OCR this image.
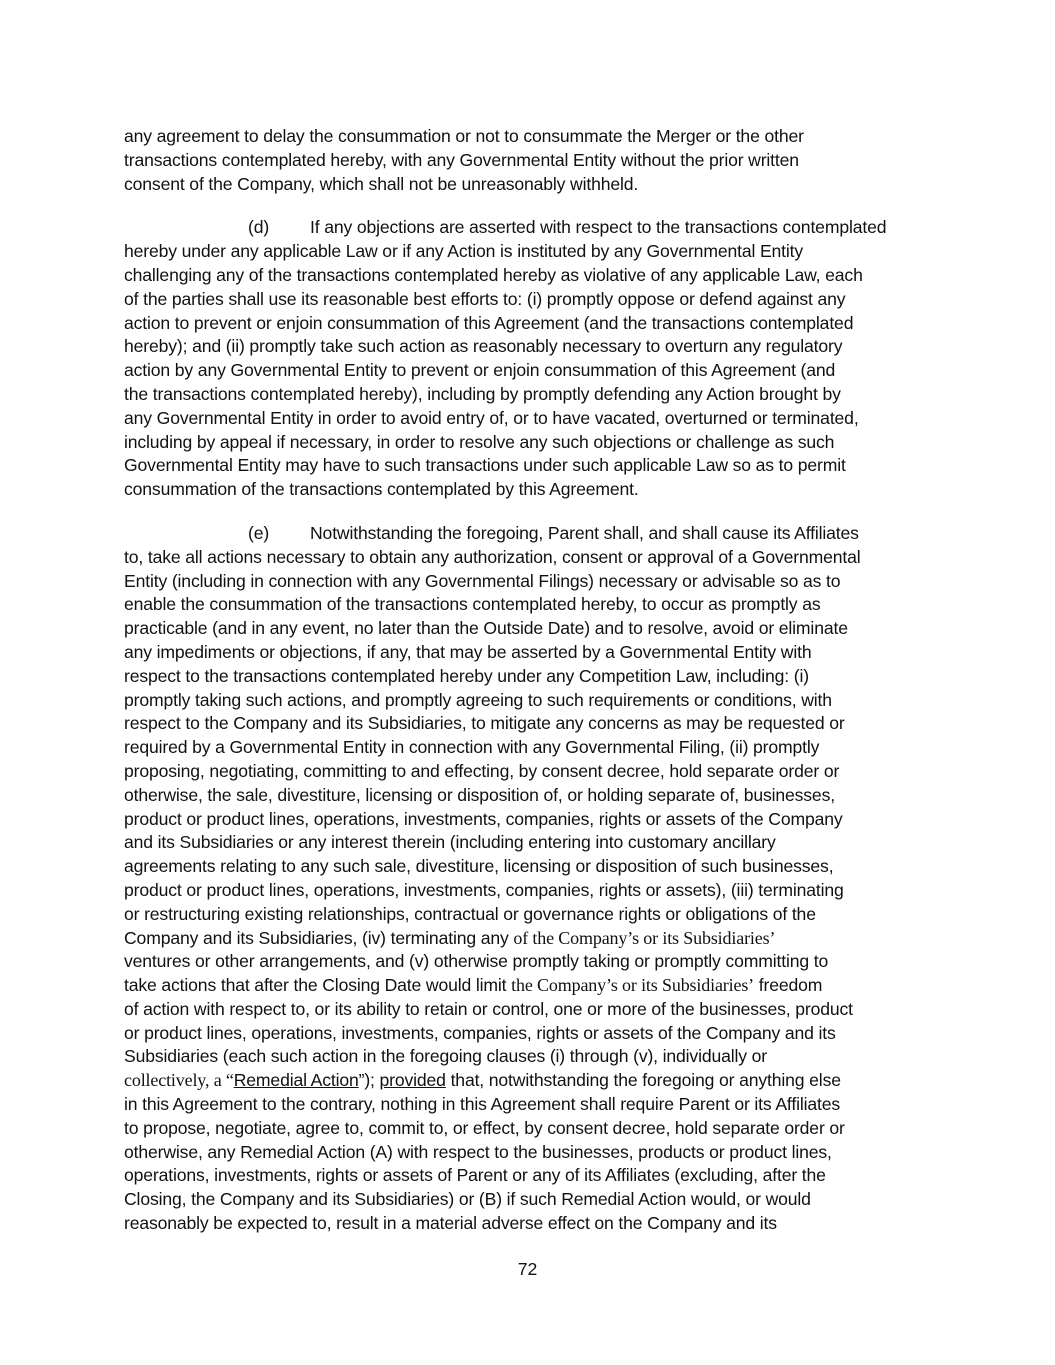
any agreement to delay the consummation or not to consummate the Merger or the other
transactions contemplated hereby, with any Governmental Entity without the prior written
consent of the Company, which shall not be unreasonably withheld.
(d) If any objections are asserted with respect to the transactions contemplated
hereby under any applicable Law or if any Action is instituted by any Governmental Entity
challenging any of the transactions contemplated hereby as violative of any applicable Law, each
of the parties shall use its reasonable best efforts to: (i) promptly oppose or defend against any
action to prevent or enjoin consummation of this Agreement (and the transactions contemplated
hereby); and (ii) promptly take such action as reasonably necessary to overturn any regulatory
action by any Governmental Entity to prevent or enjoin consummation of this Agreement (and
the transactions contemplated hereby), including by promptly defending any Action brought by
any Governmental Entity in order to avoid entry of, or to have vacated, overturned or terminated,
including by appeal if necessary, in order to resolve any such objections or challenge as such
Governmental Entity may have to such transactions under such applicable Law so as to permit
consummation of the transactions contemplated by this Agreement.
(e) Notwithstanding the foregoing, Parent shall, and shall cause its Affiliates
to, take all actions necessary to obtain any authorization, consent or approval of a Governmental
Entity (including in connection with any Governmental Filings) necessary or advisable so as to
enable the consummation of the transactions contemplated hereby, to occur as promptly as
practicable (and in any event, no later than the Outside Date) and to resolve, avoid or eliminate
any impediments or objections, if any, that may be asserted by a Governmental Entity with
respect to the transactions contemplated hereby under any Competition Law, including: (i)
promptly taking such actions, and promptly agreeing to such requirements or conditions, with
respect to the Company and its Subsidiaries, to mitigate any concerns as may be requested or
required by a Governmental Entity in connection with any Governmental Filing, (ii) promptly
proposing, negotiating, committing to and effecting, by consent decree, hold separate order or
otherwise, the sale, divestiture, licensing or disposition of, or holding separate of, businesses,
product or product lines, operations, investments, companies, rights or assets of the Company
and its Subsidiaries or any interest therein (including entering into customary ancillary
agreements relating to any such sale, divestiture, licensing or disposition of such businesses,
product or product lines, operations, investments, companies, rights or assets), (iii) terminating
or restructuring existing relationships, contractual or governance rights or obligations of the
Company and its Subsidiaries, (iv) terminating any of the Company’s or its Subsidiaries’
ventures or other arrangements, and (v) otherwise promptly taking or promptly committing to
take actions that after the Closing Date would limit the Company’s or its Subsidiaries’ freedom
of action with respect to, or its ability to retain or control, one or more of the businesses, product
or product lines, operations, investments, companies, rights or assets of the Company and its
Subsidiaries (each such action in the foregoing clauses (i) through (v), individually or
collectively, a “Remedial Action”); provided that, notwithstanding the foregoing or anything else
in this Agreement to the contrary, nothing in this Agreement shall require Parent or its Affiliates
to propose, negotiate, agree to, commit to, or effect, by consent decree, hold separate order or
otherwise, any Remedial Action (A) with respect to the businesses, products or product lines,
operations, investments, rights or assets of Parent or any of its Affiliates (excluding, after the
Closing, the Company and its Subsidiaries) or (B) if such Remedial Action would, or would
reasonably be expected to, result in a material adverse effect on the Company and its
72
